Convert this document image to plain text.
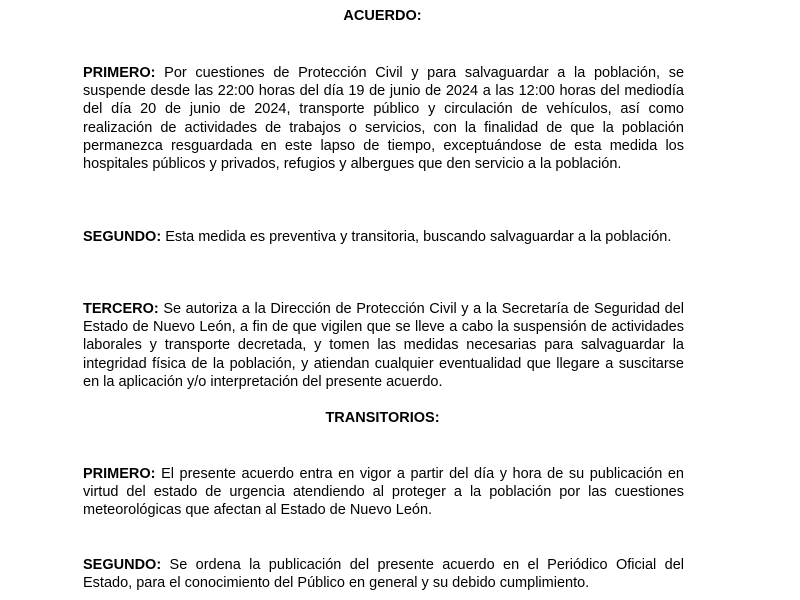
ACUERDO:

PRIMERO: Por cuestiones de Protección Civil y para salvaguardar a la población, se suspende desde las 22:00 horas del día 19 de junio de 2024 a las 12:00 horas del mediodía del día 20 de junio de 2024, transporte público y circulación de vehículos, así como realización de actividades de trabajos o servicios, con la finalidad de que la población permanezca resguardada en este lapso de tiempo, exceptuándose de esta medida los hospitales públicos y privados, refugios y albergues que den servicio a la población.

SEGUNDO: Esta medida es preventiva y transitoria, buscando salvaguardar a la población.

TERCERO: Se autoriza a la Dirección de Protección Civil y a la Secretaría de Seguridad del Estado de Nuevo León, a fin de que vigilen que se lleve a cabo la suspensión de actividades laborales y transporte decretada, y tomen las medidas necesarias para salvaguardar la integridad física de la población, y atiendan cualquier eventualidad que llegare a suscitarse en la aplicación y/o interpretación del presente acuerdo.

TRANSITORIOS:

PRIMERO: El presente acuerdo entra en vigor a partir del día y hora de su publicación en virtud del estado de urgencia atendiendo al proteger a la población por las cuestiones meteorológicas que afectan al Estado de Nuevo León.

SEGUNDO: Se ordena la publicación del presente acuerdo en el Periódico Oficial del Estado, para el conocimiento del Público en general y su debido cumplimiento.
